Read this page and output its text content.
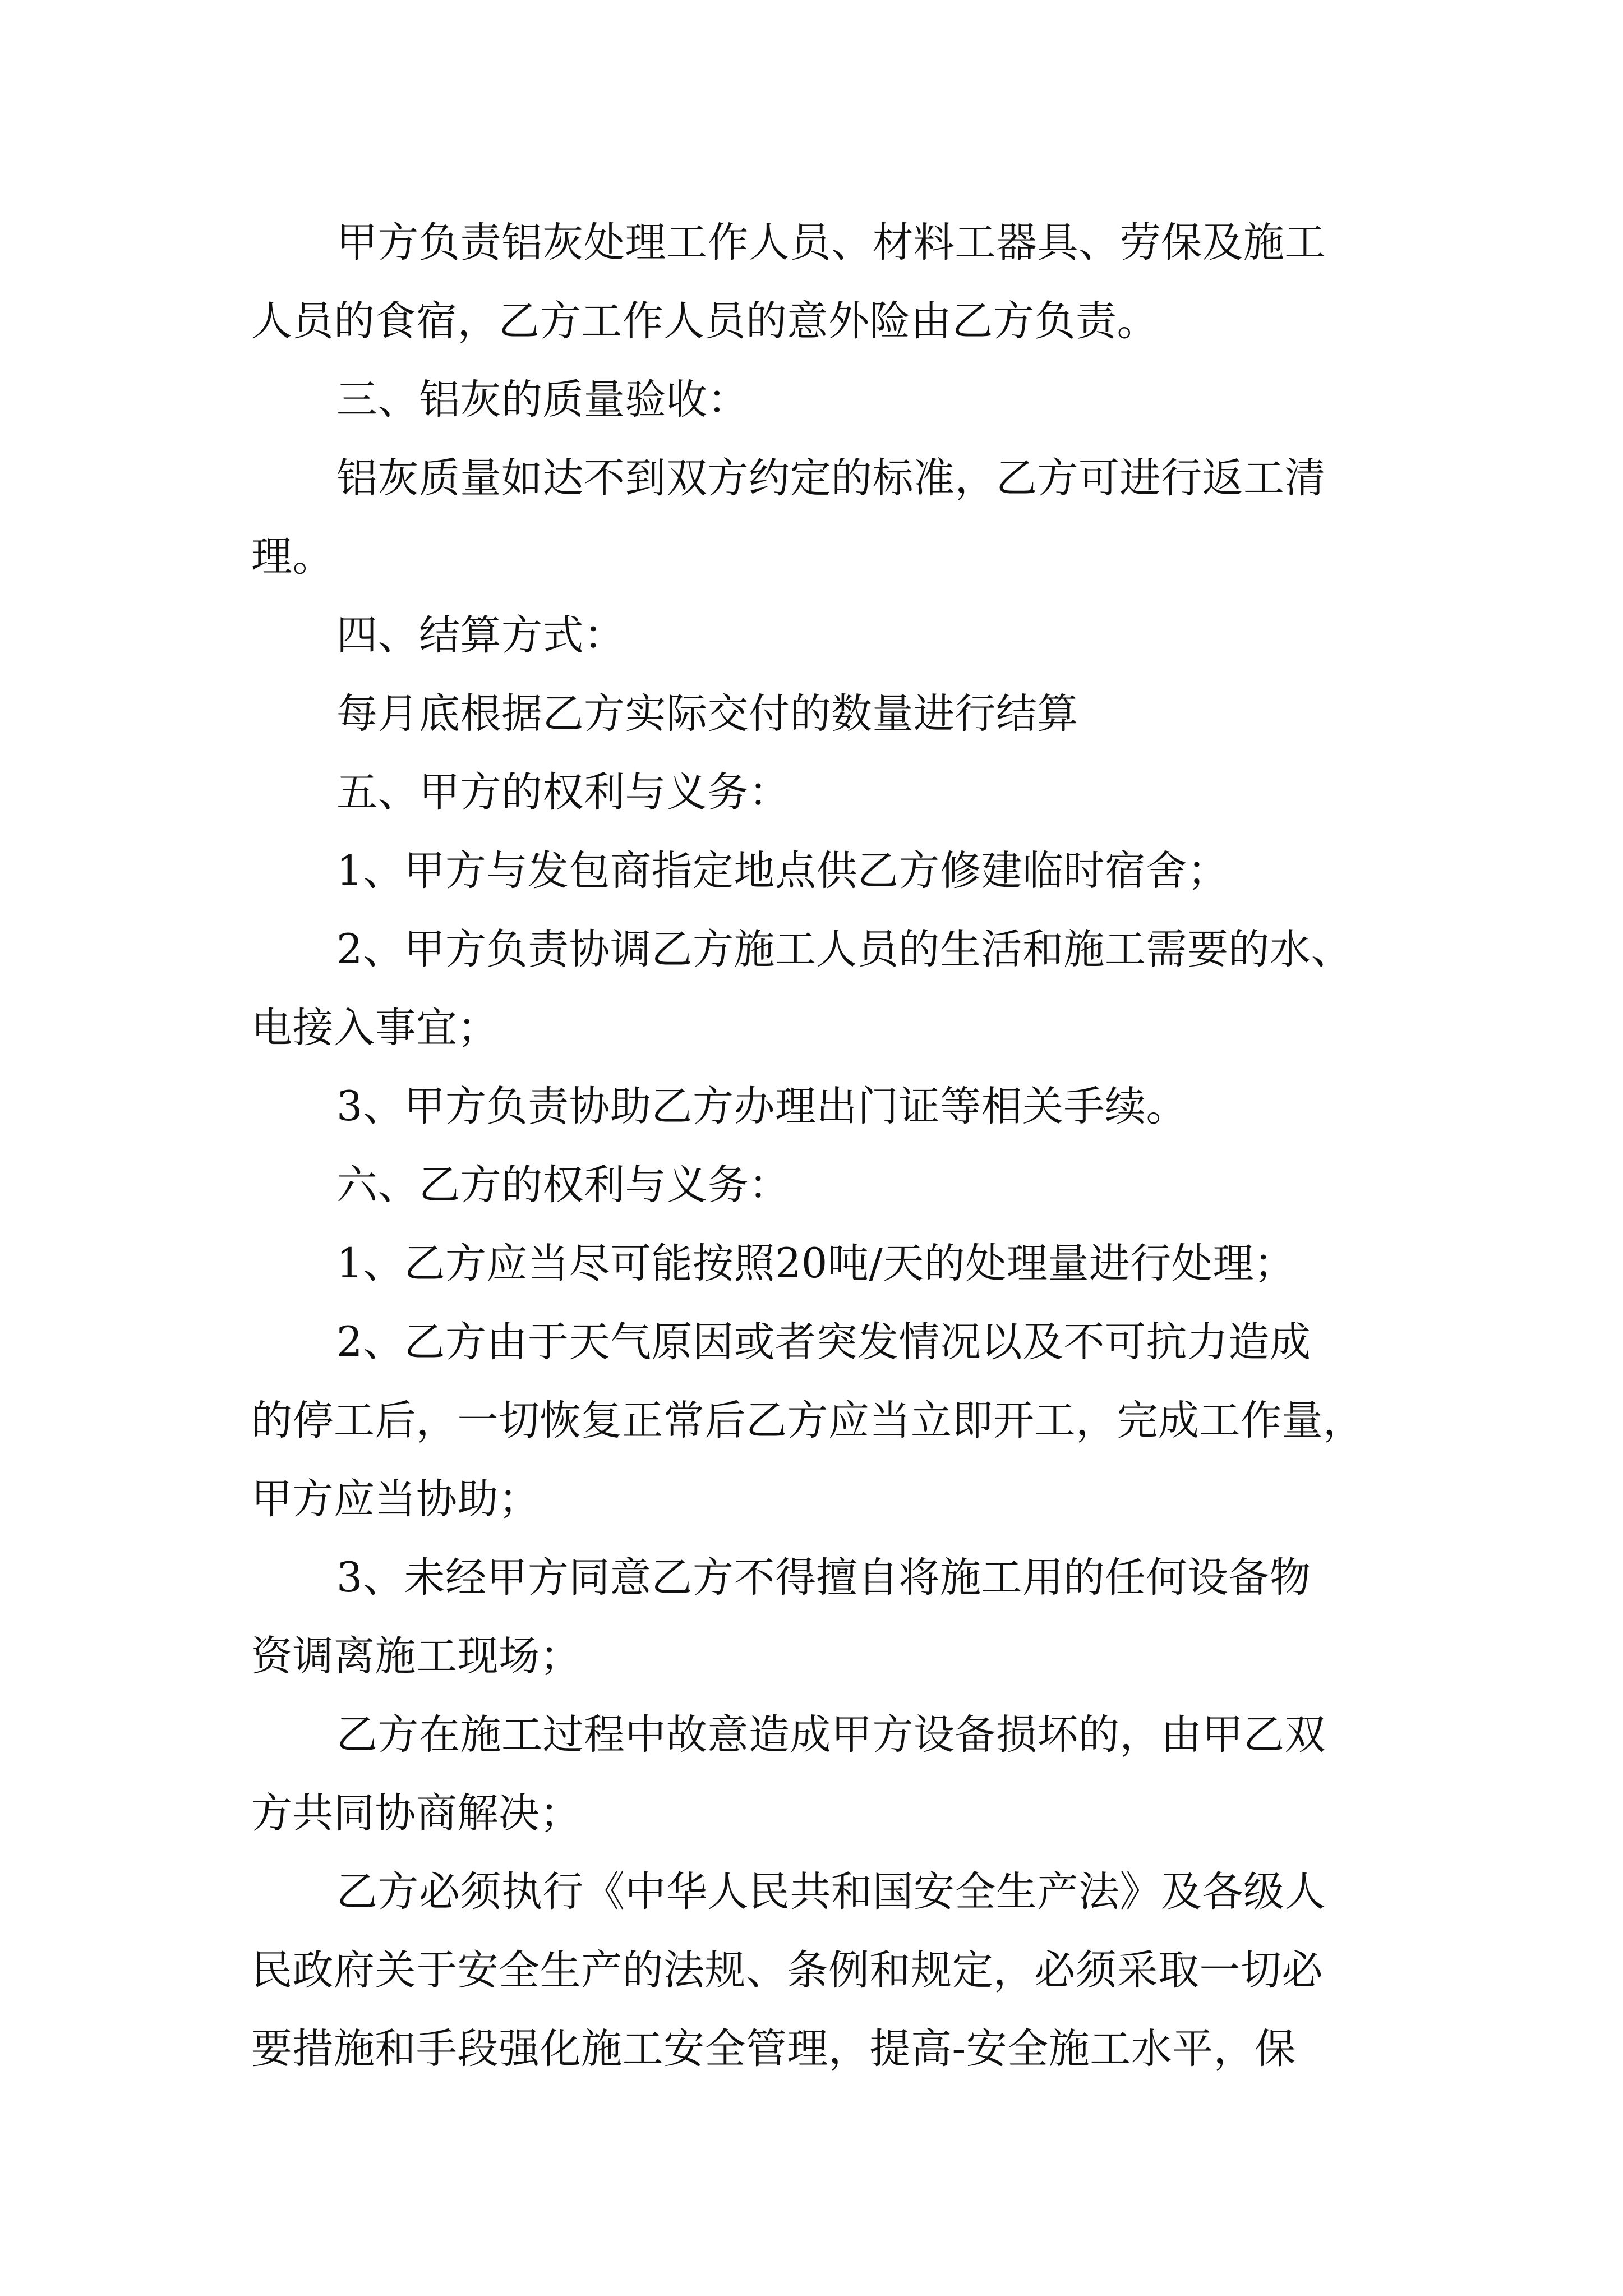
甲方负责铝灰处理工作人员、材料工器具、劳保及施工
人员的食宿，乙方工作人员的意外险由乙方负责。
三、铝灰的质量验收：
铝灰质量如达不到双方约定的标准，乙方可进行返工清
理。
四、结算方式：
每月底根据乙方实际交付的数量进行结算
五、甲方的权利与义务：
1、甲方与发包商指定地点供乙方修建临时宿舍；
2、甲方负责协调乙方施工人员的生活和施工需要的水、
电接入事宜；
3、甲方负责协助乙方办理出门证等相关手续。
六、乙方的权利与义务：
1、乙方应当尽可能按照20吨/天的处理量进行处理；
2、乙方由于天气原因或者突发情况以及不可抗力造成
的停工后，一切恢复正常后乙方应当立即开工，完成工作量，
甲方应当协助；
3、未经甲方同意乙方不得擅自将施工用的任何设备物
资调离施工现场；
乙方在施工过程中故意造成甲方设备损坏的，由甲乙双
方共同协商解决；
乙方必须执行《中华人民共和国安全生产法》及各级人
民政府关于安全生产的法规、条例和规定，必须采取一切必
要措施和手段强化施工安全管理，提高-安全施工水平，保
